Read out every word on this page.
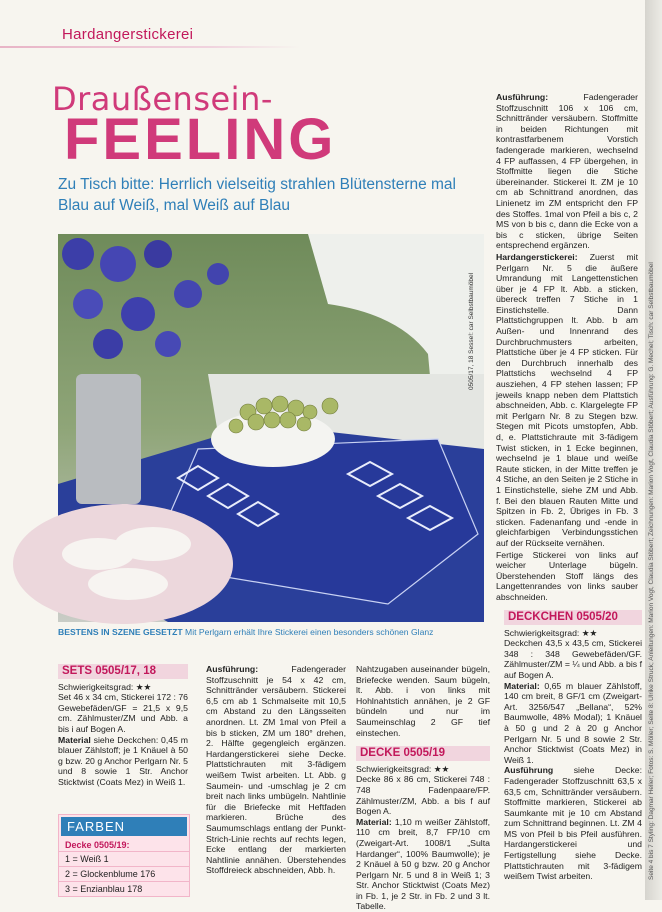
Hardangerstickerei
Draußensein-
FEELING
Zu Tisch bitte: Herrlich vielseitig strahlen Blütensterne mal Blau auf Weiß, mal Weiß auf Blau
0505/17, 18 Sesse!: car Selbstbaumöbel
BESTENS IN SZENE GESETZT Mit Perlgarn erhält Ihre Stickerei einen besonders schönen Glanz

Ausführung:	Fadengerader Stoffzuschnitt 106 x 106 cm, Schnittränder versäubern. Stoffmitte in beiden Richtungen mit kontrastfarbenem Vorstich fadengerade markieren, wechselnd 4 FP auffassen, 4 FP übergehen, in Stoffmitte liegen die Stiche übereinander. Stickerei lt. ZM je 10 cm ab Schnittrand anordnen, das Linienetz im ZM entspricht den FP des Stoffes. 1mal von Pfeil a bis c, 2 MS von b bis c, dann die Ecke von a bis c sticken, übrige Seiten entsprechend ergänzen.

Hardangerstickerei: Zuerst mit Perlgarn Nr. 5 die äußere Umrandung mit Langettenstichen über je 4 FP lt. Abb. a sticken, übereck treffen 7 Stiche in 1 Einstichstelle. Dann Plattstichgruppen lt. Abb. b am Außen- und Innenrand des Durchbruchmusters arbeiten, Plattstiche über je 4 FP sticken. Für den Durchbruch innerhalb des Plattstichs wechselnd 4 FP ausziehen, 4 FP stehen lassen; FP jeweils knapp neben dem Plattstich abschneiden, Abb. c. Klargelegte FP mit Perlgarn Nr. 8 zu Stegen bzw. Stegen mit Picots umstopfen, Abb. d, e. Plattstichraute mit 3-fädigem Twist sticken, in 1 Ecke beginnen, wechselnd je 1 blaue und weiße Raute sticken, in der Mitte treffen je 4 Stiche, an den Seiten je 2 Stiche in 1 Einstichstelle, siehe ZM und Abb. f. Bei den blauen Rauten Mitte und Spitzen in Fb. 2, Übriges in Fb. 3 sticken. Fadenanfang und -ende in gleichfarbigen Verbindungsstichen auf der Rückseite vernähen.

Fertige Stickerei von links auf weicher Unterlage bügeln. Überstehenden Stoff längs des Langettenrandes von links sauber abschneiden.

DECKCHEN 0505/20

Schwierigkeitsgrad: ★★

Deckchen 43,5 x 43,5 cm, Stickerei 348 : 348 Gewebefäden/GF. Zählmuster/ZM = ¼ und Abb. a bis f auf Bogen A.

Material: 0,65 m blauer Zählstoff, 140 cm breit, 8 GF/1 cm (Zweigart-Art. 3256/547 „Bellana“, 52% Baumwolle, 48% Modal); 1 Knäuel à 50 g und 2 à 20 g Anchor Perlgarn Nr. 5 und 8 sowie 2 Str. Anchor Sticktwist (Coats Mez) in Weiß 1.

Ausführung siehe Decke: Fadengerader Stoffzuschnitt 63,5 x 63,5 cm, Schnittränder versäubern. Stoffmitte markieren, Stickerei ab Saumkante mit je 10 cm Abstand zum Schnittrand beginnen. Lt. ZM 4 MS von Pfeil b bis Pfeil ausführen. Hardangerstickerei und Fertigstellung siehe Decke. Plattstichrauten mit 3-fädigem weißem Twist arbeiten.

SETS 0505/17, 18

Schwierigkeitsgrad: ★★

Set 46 x 34 cm, Stickerei 172 : 76 Gewebefäden/GF = 21,5 x 9,5 cm. Zählmuster/ZM und Abb. a bis i auf Bogen A.

Material siehe Deckchen: 0,45 m blauer Zählstoff; je 1 Knäuel à 50 g bzw. 20 g Anchor Perlgarn Nr. 5 und 8 sowie 1 Str. Anchor Sticktwist (Coats Mez) in Weiß 1.

Ausführung:	Fadengerader Stoffzuschnitt je 54 x 42 cm, Schnittränder versäubern. Stickerei 6,5 cm ab 1 Schmalseite mit 10,5 cm Abstand zu den Längsseiten anordnen. Lt. ZM 1mal von Pfeil a bis b sticken, ZM um 180° drehen, 2. Hälfte gegengleich ergänzen. Hardangerstickerei siehe Decke. Plattstichrauten mit 3-fädigem weißem Twist arbeiten. Lt. Abb. g Saumein- und -umschlag je 2 cm breit nach links umbügeln. Nahtlinie für die Briefecke mit Heftfaden markieren. Brüche des Saumumschlags entlang der Punkt-Strich-Linie rechts auf rechts legen, Ecke entlang der markierten Nahtlinie annähen. Überstehendes Stoffdreieck abschneiden, Abb. h.

Nahtzugaben auseinander bügeln, Briefecke wenden. Saum bügeln, lt. Abb. i von links mit Hohlnahtstich annähen, je 2 GF bündeln und nur im Saumeinschlag 2 GF tief einstechen.

DECKE 0505/19

Schwierigkeitsgrad: ★★

Decke 86 x 86 cm, Stickerei 748 : 748 Fadenpaare/FP. Zählmuster/ZM, Abb. a bis f auf Bogen A.

Material: 1,10 m weißer Zählstoff, 110 cm breit, 8,7 FP/10 cm (Zweigart-Art. 1008/1 „Sulta Hardanger“, 100% Baumwolle); je 2 Knäuel à 50 g bzw. 20 g Anchor Perlgarn Nr. 5 und 8 in Weiß 1; 3 Str. Anchor Sticktwist (Coats Mez) in Fb. 1, je 2 Str. in Fb. 2 und 3 lt. Tabelle.

FARBEN
Decke 0505/19:
1 = Weiß 1
2 = Glockenblume 176
3 = Enzianblau 178
Seite 4 bis 7 Styling: Dagmar Heller; Fotos: S. Möller; Seite 8: Ulrike Struck; Anleitungen: Marion Vogt, Claudia Stöbert; Zeichnungen: Marion Vogt, Claudia Stöbert; Ausführung: G. Mechel; Tisch: car Selbstbaumöbel
